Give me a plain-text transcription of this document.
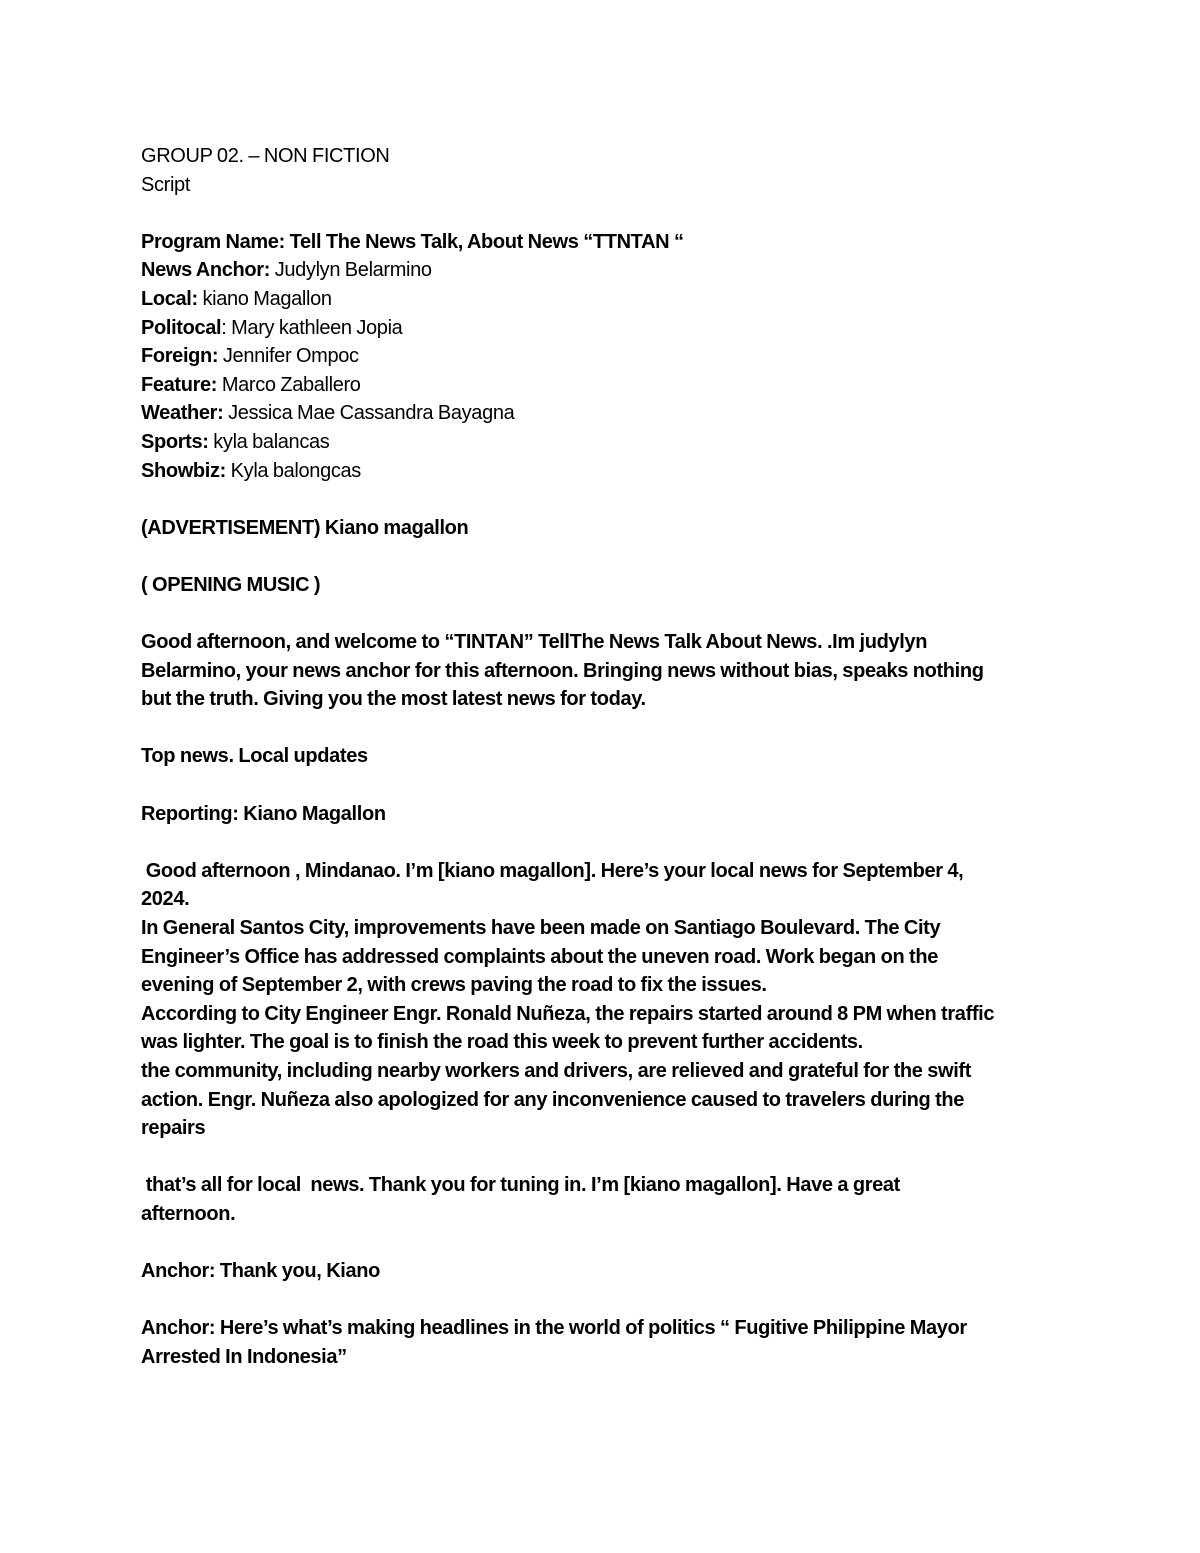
GROUP 02. – NON FICTION
Script
Program Name: Tell The News Talk, About News “TTNTAN “
News Anchor: Judylyn Belarmino
Local: kiano Magallon
Politocal: Mary kathleen Jopia
Foreign: Jennifer Ompoc
Feature: Marco Zaballero
Weather: Jessica Mae Cassandra Bayagna
Sports: kyla balancas
Showbiz: Kyla balongcas
(ADVERTISEMENT) Kiano magallon
( OPENING MUSIC )
Good afternoon, and welcome to “TINTAN” TellThe News Talk About News. .Im judylyn
Belarmino, your news anchor for this afternoon. Bringing news without bias, speaks nothing
but the truth. Giving you the most latest news for today.
Top news. Local updates
Reporting: Kiano Magallon
Good afternoon , Mindanao. I’m [kiano magallon]. Here’s your local news for September 4,
2024.
In General Santos City, improvements have been made on Santiago Boulevard. The City
Engineer’s Office has addressed complaints about the uneven road. Work began on the
evening of September 2, with crews paving the road to fix the issues.
According to City Engineer Engr. Ronald Nuñeza, the repairs started around 8 PM when traffic
was lighter. The goal is to finish the road this week to prevent further accidents.
the community, including nearby workers and drivers, are relieved and grateful for the swift
action. Engr. Nuñeza also apologized for any inconvenience caused to travelers during the
repairs
that’s all for local  news. Thank you for tuning in. I’m [kiano magallon]. Have a great
afternoon.
Anchor: Thank you, Kiano
Anchor: Here’s what’s making headlines in the world of politics “ Fugitive Philippine Mayor
Arrested In Indonesia”
